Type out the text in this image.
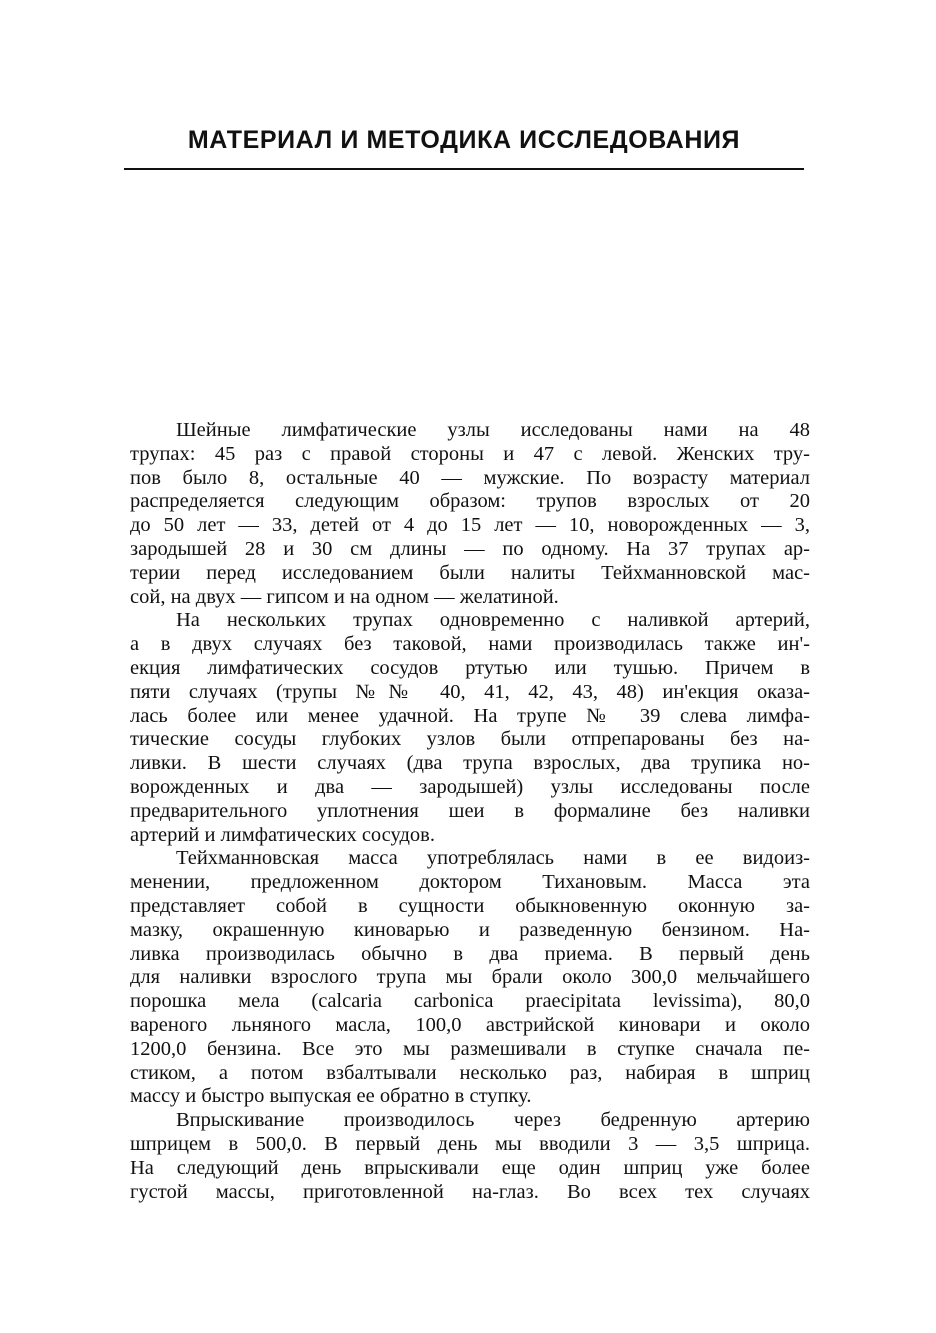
МАТЕРИАЛ И МЕТОДИКА ИССЛЕДОВАНИЯ
Шейные лимфатические узлы исследованы нами на 48
трупах: 45 раз с правой стороны и 47 с левой. Женских тру-
пов было 8, остальные 40 — мужские. По возрасту материал
распределяется следующим образом: трупов взрослых от 20
до 50 лет — 33, детей от 4 до 15 лет — 10, новорожденных — 3,
зародышей 28 и 30 см длины — по одному. На 37 трупах ар-
терии перед исследованием были налиты Тейхманновской мас-
сой, на двух — гипсом и на одном — желатиной.
На нескольких трупах одновременно с наливкой артерий,
а в двух случаях без таковой, нами производилась также ин'-
екция лимфатических сосудов ртутью или тушью. Причем в
пяти случаях (трупы №№ 40, 41, 42, 43, 48) ин'екция оказа-
лась более или менее удачной. На трупе № 39 слева лимфа-
тические сосуды глубоких узлов были отпрепарованы без на-
ливки. В шести случаях (два трупа взрослых, два трупика но-
ворожденных и два — зародышей) узлы исследованы после
предварительного уплотнения шеи в формалине без наливки
артерий и лимфатических сосудов.
Тейхманновская масса употреблялась нами в ее видоиз-
менении, предложенном доктором Тихановым. Масса эта
представляет собой в сущности обыкновенную оконную за-
мазку, окрашенную киноварью и разведенную бензином. На-
ливка производилась обычно в два приема. В первый день
для наливки взрослого трупа мы брали около 300,0 мельчайшего
порошка мела (calcaria carbonica praecipitata levissima), 80,0
вареного льняного масла, 100,0 австрийской киновари и около
1200,0 бензина. Все это мы размешивали в ступке сначала пе-
стиком, а потом взбалтывали несколько раз, набирая в шприц
массу и быстро выпуская ее обратно в ступку.
Впрыскивание производилось через бедренную артерию
шприцем в 500,0. В первый день мы вводили 3 — 3,5 шприца.
На следующий день впрыскивали еще один шприц уже более
густой массы, приготовленной на-глаз. Во всех тех случаях
